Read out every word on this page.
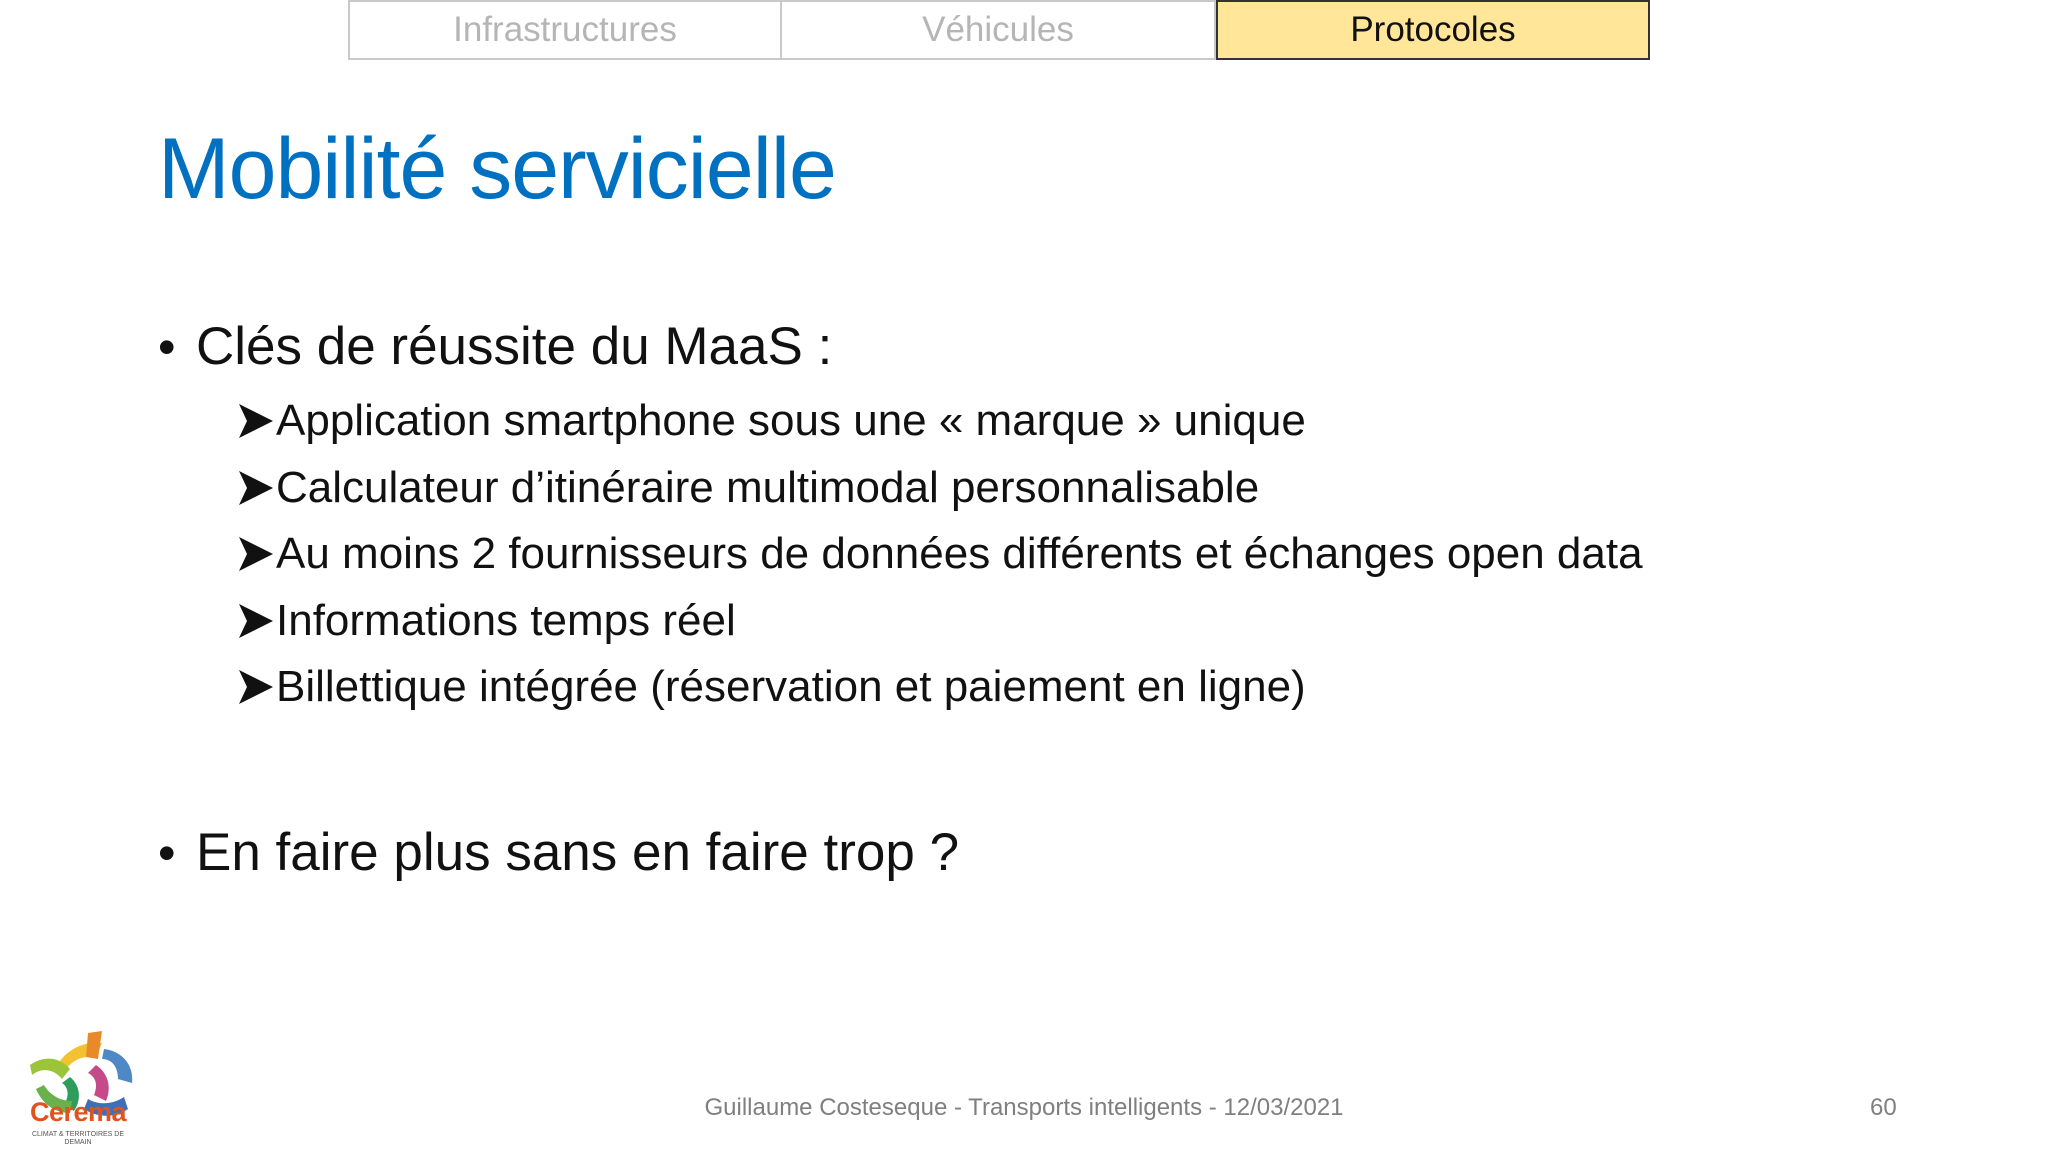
Infrastructures	Véhicules	Protocoles
Mobilité servicielle
• Clés de réussite du MaaS :
Application smartphone sous une « marque » unique
Calculateur d’itinéraire multimodal personnalisable
Au moins 2 fournisseurs de données différents et échanges open data
Informations temps réel
Billettique intégrée (réservation et paiement en ligne)
• En faire plus sans en faire trop ?
Cerema
CLIMAT & TERRITOIRES DE DEMAIN
Guillaume Costeseque - Transports intelligents - 12/03/2021	60
